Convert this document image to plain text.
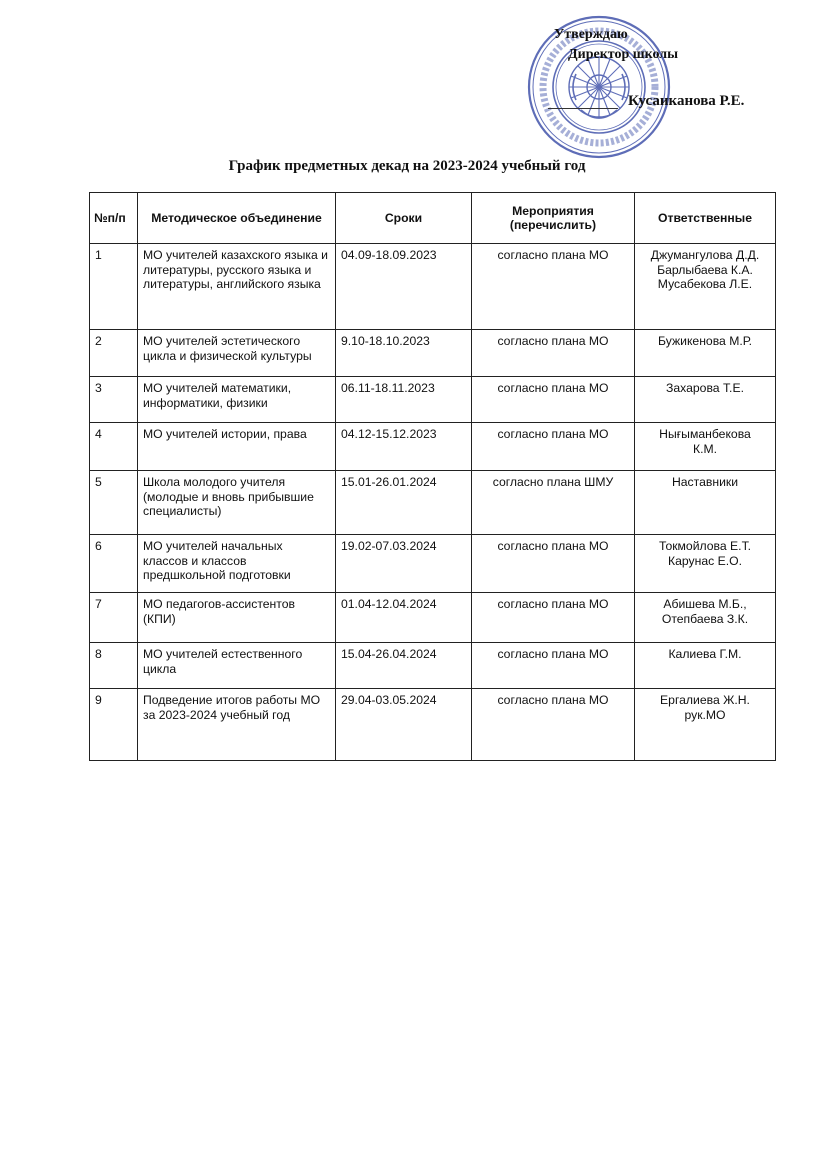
Утверждаю
Директор школы
Кусаиканова Р.Е.
График предметных декад на 2023-2024 учебный год
№п/п	Методическое объединение	Сроки	Мероприятия (перечислить)	Ответственные
1	МО учителей казахского языка и литературы, русского языка и литературы, английского языка	04.09-18.09.2023	согласно плана МО	Джумангулова Д.Д.
Барлыбаева К.А.
Мусабекова Л.Е.

2	МО учителей эстетического цикла и физической культуры	9.10-18.10.2023	согласно плана МО	Бужикенова М.Р.

3	МО учителей математики, информатики, физики	06.11-18.11.2023	согласно плана МО	Захарова Т.Е.

4	МО учителей истории, права	04.12-15.12.2023	согласно плана МО	Нығыманбекова
К.М.

5	Школа молодого учителя (молодые и вновь прибывшие специалисты)	15.01-26.01.2024	согласно плана ШМУ	Наставники

6	МО учителей начальных классов и классов предшкольной подготовки	19.02-07.03.2024	согласно плана МО	Токмойлова Е.Т.
Карунас Е.О.

7	МО педагогов-ассистентов (КПИ)	01.04-12.04.2024	согласно плана МО	Абишева М.Б.,
Отепбаева З.К.

8	МО учителей естественного цикла	15.04-26.04.2024	согласно плана МО	Калиева Г.М.

9	Подведение итогов работы МО за 2023-2024 учебный год	29.04-03.05.2024	согласно плана МО	Ергалиева Ж.Н.
рук.МО
